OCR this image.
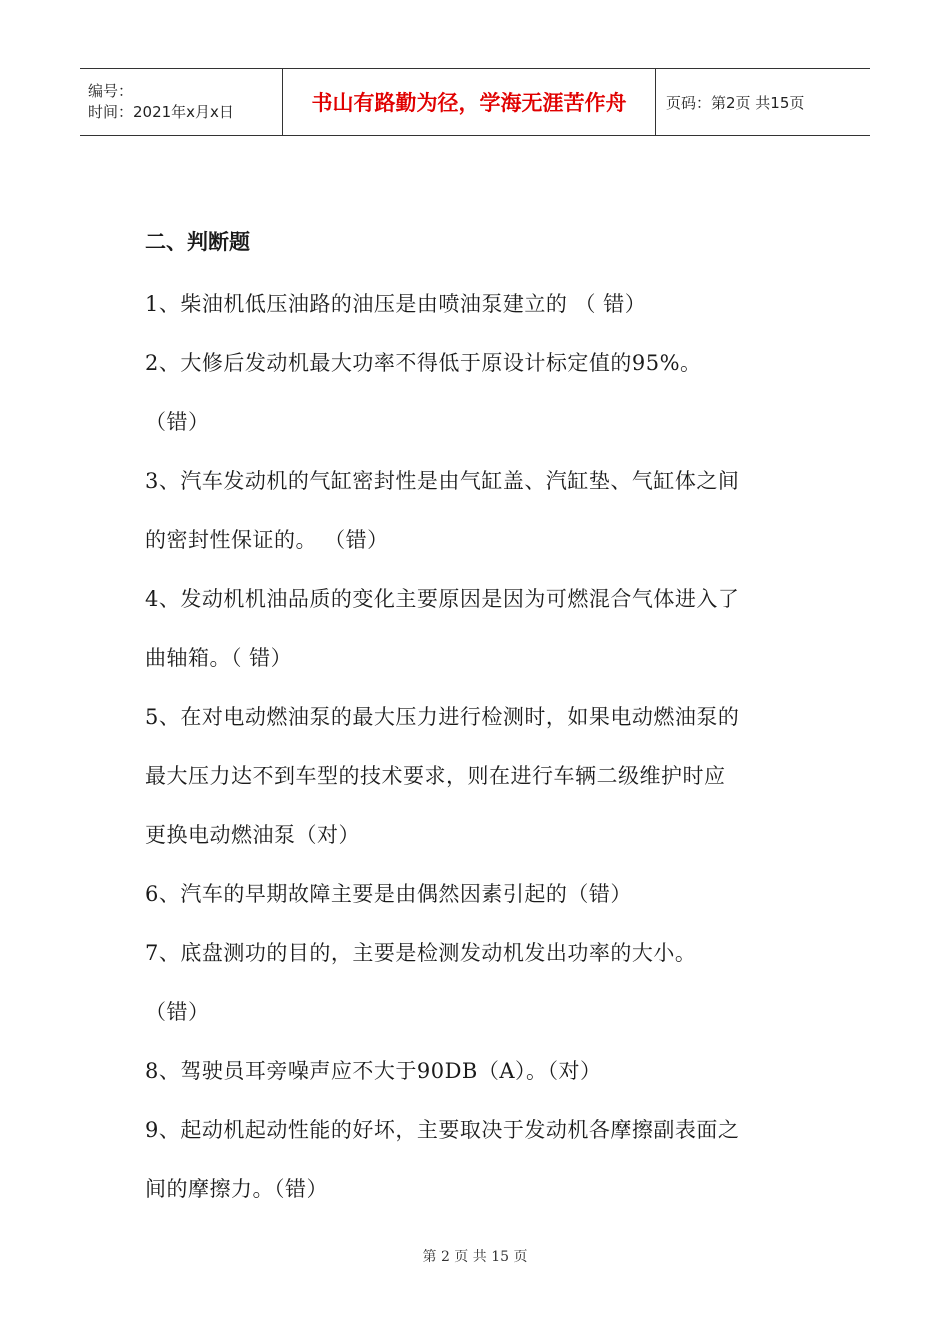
编号：
时间：2021年x月x日	书山有路勤为径，学海无涯苦作舟	页码：第2页 共15页
二、判断题
1、柴油机低压油路的油压是由喷油泵建立的 （ 错）
2、大修后发动机最大功率不得低于原设计标定值的95%。
（错）
3、汽车发动机的气缸密封性是由气缸盖、汽缸垫、气缸体之间
的密封性保证的。 （错）
4、发动机机油品质的变化主要原因是因为可燃混合气体进入了
曲轴箱。（ 错）
5、在对电动燃油泵的最大压力进行检测时，如果电动燃油泵的
最大压力达不到车型的技术要求，则在进行车辆二级维护时应
更换电动燃油泵（对）
6、汽车的早期故障主要是由偶然因素引起的（错）
7、底盘测功的目的，主要是检测发动机发出功率的大小。
（错）
8、驾驶员耳旁噪声应不大于90DB（A）。（对）
9、起动机起动性能的好坏，主要取决于发动机各摩擦副表面之
间的摩擦力。（错）
第 2 页 共 15 页
